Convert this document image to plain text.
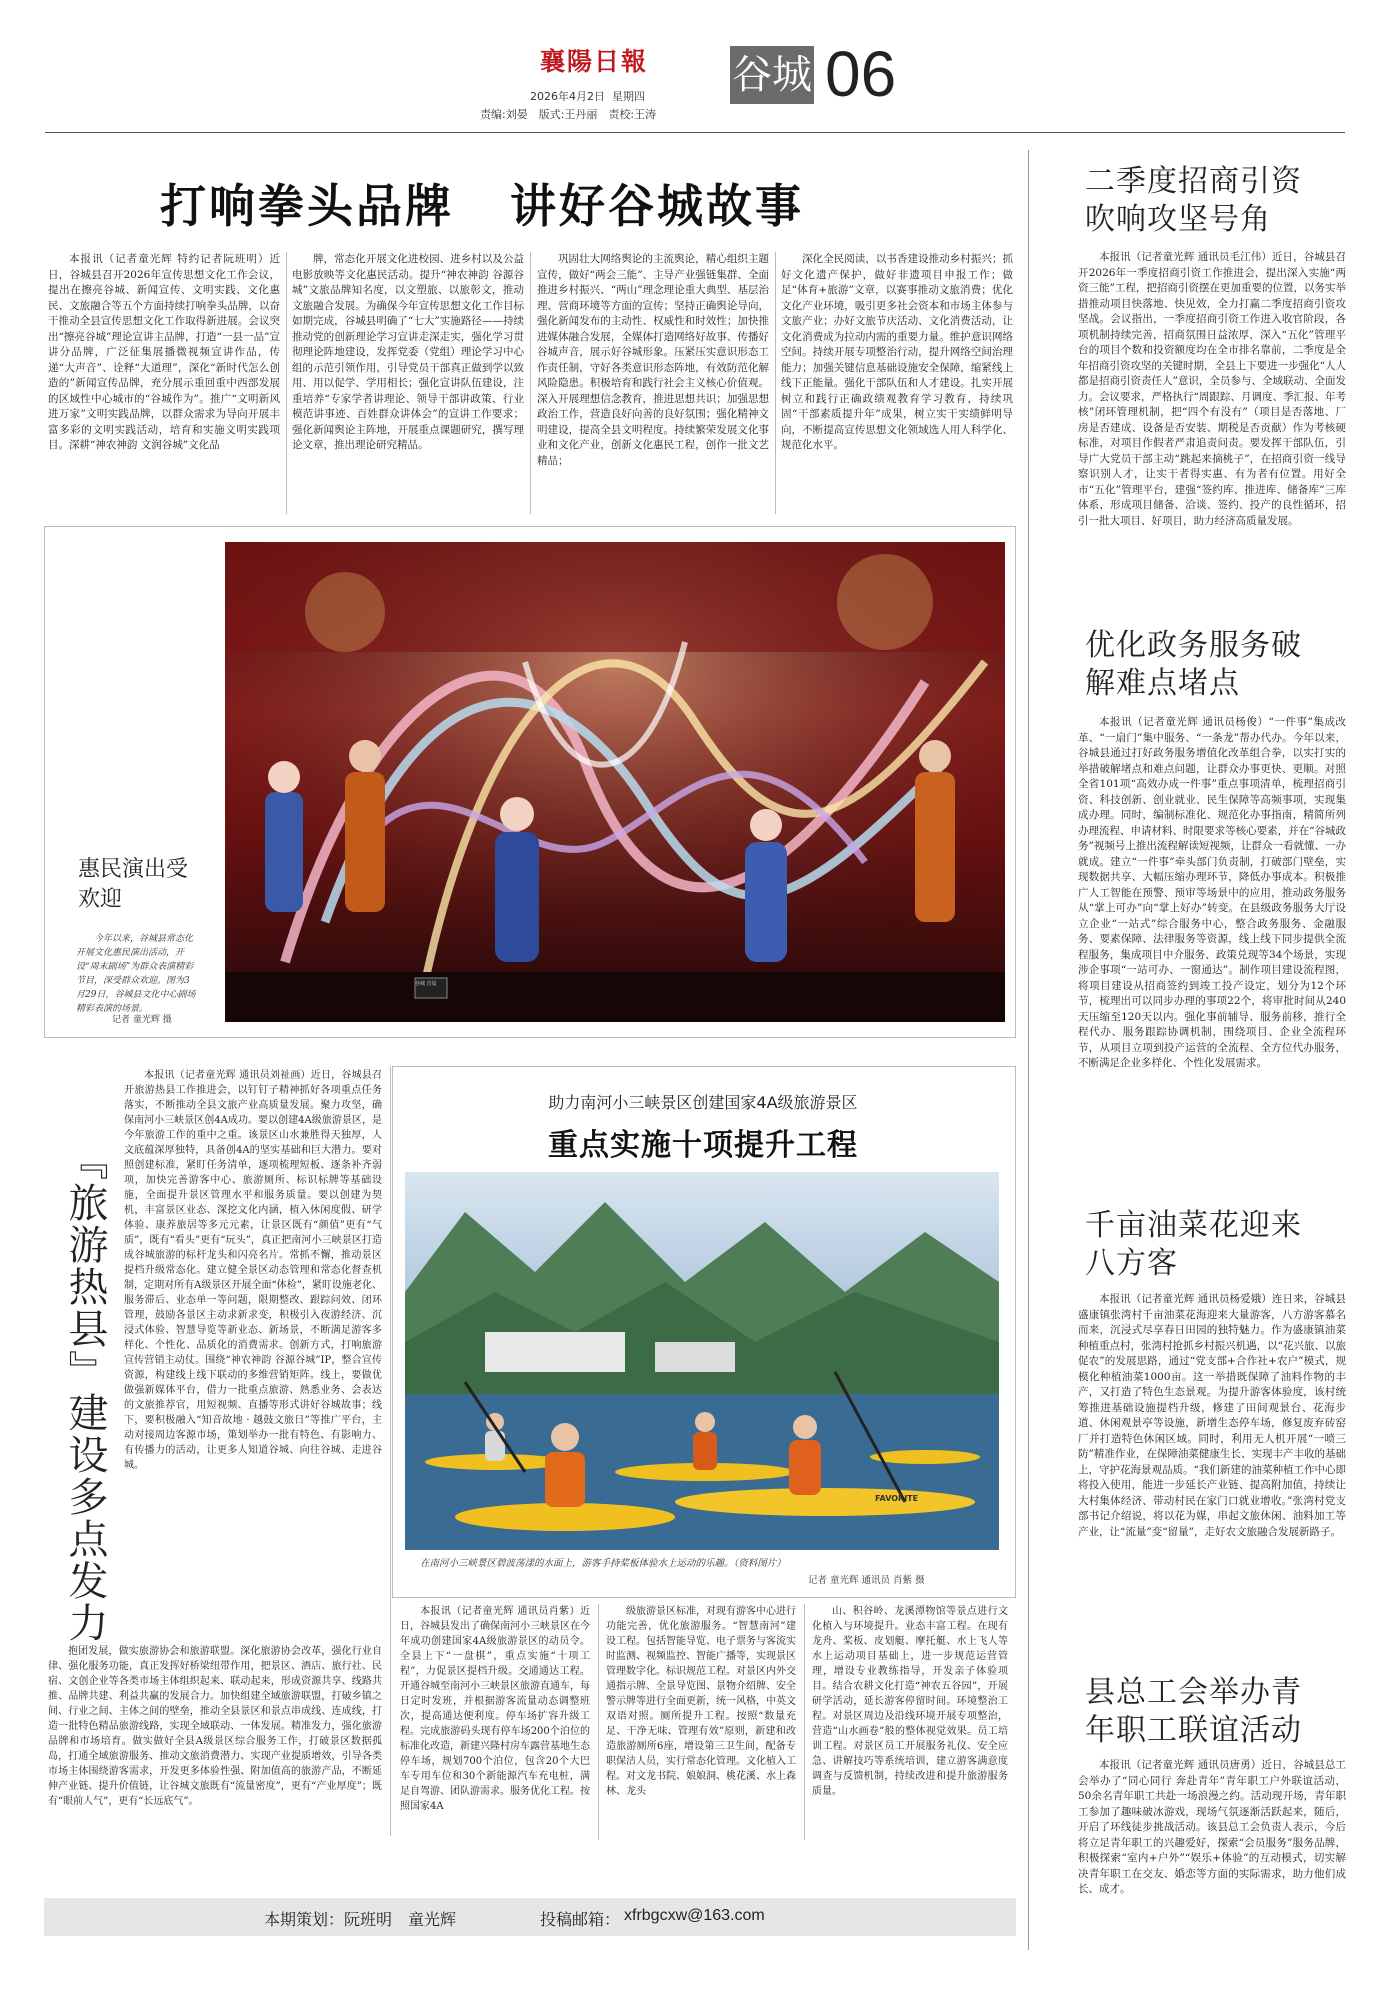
襄陽日報
2026年4月2日 星期四
责编:刘晏　版式:王丹丽　责校:王涛
谷城 06
打响拳头品牌 讲好谷城故事
本报讯（记者童光辉 特约记者阮班明）近日，谷城县召开2026年宣传思想文化工作会议，提出在擦亮谷城、新闻宣传、文明实践、文化惠民、文旅融合等五个方面持续打响拳头品牌，以奋干推动全县宣传思想文化工作取得新进展。会议突出“擦亮谷城”理论宣讲主品牌，打造“一县一品”宣讲分品牌，广泛征集展播微视频宣讲作品，传递“大声音”、诠释“大道理”，深化“新时代怎么创造的”新闻宣传品牌，充分展示重回重中西部发展的区域性中心城市的“谷城作为”。推广“文明新风进万家”文明实践品牌，以群众需求为导向开展丰富多彩的文明实践活动，培育和实施文明实践项目。深耕“神农神韵 文润谷城”文化品
牌，常态化开展文化进校园、进乡村以及公益电影放映等文化惠民活动。提升“神农神韵 谷源谷城”文旅品牌知名度，以文塑旅、以旅彰文，推动文旅融合发展。为确保今年宣传思想文化工作目标如期完成，谷城县明确了“七大”实施路径——持续推动党的创新理论学习宣讲走深走实，强化学习贯彻理论阵地建设，发挥党委（党组）理论学习中心组的示范引领作用，引导党员干部真正做到学以致用、用以促学、学用相长；强化宣讲队伍建设，注重培养“专家学者讲理论、领导干部讲政策、行业模范讲事迹、百姓群众讲体会”的宣讲工作要求；强化新闻舆论主阵地，开展重点课题研究，撰写理论文章，推出理论研究精品。
巩固壮大网络舆论的主流舆论，精心组织主题宣传，做好“两会三能”、主导产业强链集群、全面推进乡村振兴、“两山”理念理论重大典型、基层治理、营商环境等方面的宣传；坚持正确舆论导向，强化新闻发布的主动性、权威性和时效性；加快推进媒体融合发展，全媒体打造网络好故事、传播好谷城声音，展示好谷城形象。压紧压实意识形态工作责任制，守好各类意识形态阵地，有效防范化解风险隐患。积极培育和践行社会主义核心价值观。深入开展理想信念教育，推进思想共识；加强思想政治工作，营造良好向善的良好氛围；强化精神文明建设，提高全县文明程度。持续繁荣发展文化事业和文化产业，创新文化惠民工程，创作一批文艺精品；
深化全民阅读，以书香建设推动乡村振兴；抓好文化遗产保护，做好非遗项目申报工作；做足“体育+旅游”文章，以赛事推动文旅消费；优化文化产业环境，吸引更多社会资本和市场主体参与文旅产业；办好文旅节庆活动、文化消费活动，让文化消费成为拉动内需的重要力量。维护意识网络空间。持续开展专项整治行动，提升网络空间治理能力；加强关键信息基础设施安全保障，缩紧线上线下正能量。强化干部队伍和人才建设。扎实开展树立和践行正确政绩观教育学习教育，持续巩固“干部素质提升年”成果，树立实干实绩鲜明导向，不断提高宣传思想文化领域选人用人科学化、规范化水平。
谷城 首届
惠民演出受欢迎
今年以来，谷城县常态化开展文化惠民演出活动，开设“周末剧场”为群众表演精彩节目，深受群众欢迎。图为3月29日，谷城县文化中心剧场精彩表演的场景。
记者 童光辉 摄
『旅游热县』建设多点发力
本报讯（记者童光辉 通讯员刘祉画）近日，谷城县召开旅游热县工作推进会，以钉钉子精神抓好各项重点任务落实，不断推动全县文旅产业高质量发展。聚力攻坚，确保南河小三峡景区创4A成功。要以创建4A级旅游景区，是今年旅游工作的重中之重。该景区山水兼胜得天独厚，人文底蕴深厚独特，具备创4A的坚实基础和巨大潜力。要对照创建标准，紧盯任务清单，逐项梳理短板、逐条补齐弱项，加快完善游客中心、旅游厕所、标识标牌等基础设施，全面提升景区管理水平和服务质量。要以创建为契机，丰富景区业态、深挖文化内涵，植入休闲度假、研学体验、康养旅居等多元元素，让景区既有“颜值”更有“气质”，既有“看头”更有“玩头”，真正把南河小三峡景区打造成谷城旅游的标杆龙头和闪亮名片。常抓不懈，推动景区提档升级常态化。建立健全景区动态管理和常态化督查机制，定期对所有A级景区开展全面“体检”，紧盯设施老化、服务滞后、业态单一等问题，限期整改、跟踪问效、闭环管理，鼓励各景区主动求新求变，积极引入夜游经济、沉浸式体验、智慧导览等新业态、新场景，不断满足游客多样化、个性化、品质化的消费需求。创新方式，打响旅游宣传营销主动仗。围绕“神农神韵 谷源谷城”IP，整合宣传资源，构建线上线下联动的多维营销矩阵。线上，要做优做强新媒体平台，借力一批重点旅游、熟悉业务、会表达的文旅推荐官，用短视频、直播等形式讲好谷城故事；线下，要积极融入“知音故地 · 越鼓文旅日”等推广平台，主动对接周边客源市场，策划举办一批有特色、有影响力、有传播力的活动，让更多人知道谷城、向往谷城、走进谷城。
抱团发展，做实旅游协会和旅游联盟。深化旅游协会改革，强化行业自律、强化服务功能，真正发挥好桥梁纽带作用，把景区、酒店、旅行社、民宿、文创企业等各类市场主体组织起来、联动起来，形成资源共享、线路共推、品牌共建、利益共赢的发展合力。加快组建全域旅游联盟，打破乡镇之间、行业之间、主体之间的壁垒，推动全县景区和景点串成线、连成线，打造一批特色精品旅游线路，实现全域联动、一体发展。精准发力，强化旅游品牌和市场培育。做实做好全县A级景区综合服务工作，打破景区数据孤岛，打通全域旅游服务、推动文旅消费潜力、实现产业提质增效，引导各类市场主体围绕游客需求，开发更多体验性强、附加值高的旅游产品，不断延伸产业链、提升价值链，让谷城文旅既有“流量密度”，更有“产业厚度”；既有“眼前人气”，更有“长远底气”。
助力南河小三峡景区创建国家4A级旅游景区
重点实施十项提升工程
FAVORITE
在南河小三峡景区碧波荡漾的水面上，游客手持桨板体验水上运动的乐趣。（资料图片）
记者 童光辉 通讯员 肖紫 摄
本报讯（记者童光辉 通讯员肖紫）近日，谷城县发出了确保南河小三峡景区在今年成功创建国家4A级旅游景区的动员令。全县上下“一盘棋”，重点实施“十项工程”，力促景区提档升级。交通通达工程。开通谷城至南河小三峡景区旅游直通车，每日定时发班，并根据游客流量动态调整班次，提高通达便利度。停车场扩容升级工程。完成旅游码头现有停车场200个泊位的标准化改造，新建兴隆村房车露营基地生态停车场，规划700个泊位，包含20个大巴车专用车位和30个新能源汽车充电桩，满足自驾游、团队游需求。服务优化工程。按照国家4A
级旅游景区标准，对现有游客中心进行功能完善，优化旅游服务。“智慧南河”建设工程。包括智能导览、电子票务与客流实时监测、视频监控、智能广播等，实现景区管理数字化。标识规范工程。对景区内外交通指示牌、全景导览图、景物介绍牌、安全警示牌等进行全面更新，统一风格，中英文双语对照。厕所提升工程。按照“数量充足、干净无味、管理有效”原则，新建和改造旅游厕所6座，增设第三卫生间，配备专职保洁人员，实行常态化管理。文化植入工程。对文龙书院、娘娘洞、桃花溪、水上森林、龙头
山、积谷岭、龙溪潭物馆等景点进行文化植入与环境提升。业态丰富工程。在现有龙舟、桨板、皮划艇、摩托艇、水上飞人等水上运动项目基础上，进一步规范运营管理，增设专业教练指导，开发亲子体验项目。结合农耕文化打造“神农五谷园”，开展研学活动，延长游客停留时间。环境整治工程。对景区周边及沿线环境开展专项整治，营造“山水画卷”般的整体视觉效果。员工培训工程。对景区员工开展服务礼仪、安全应急、讲解技巧等系统培训，建立游客满意度调查与反馈机制，持续改进和提升旅游服务质量。
二季度招商引资吹响攻坚号角
本报讯（记者童光辉 通讯员毛江伟）近日，谷城县召开2026年一季度招商引资工作推进会，提出深入实施“两资三能”工程，把招商引资摆在更加重要的位置，以务实举措推动项目快落地、快见效，全力打赢二季度招商引资攻坚战。会议指出，一季度招商引资工作进入收官阶段，各项机制持续完善，招商氛围日益浓厚，深入“五化”管理平台的项目个数和投资额度均在全市排名靠前，二季度是全年招商引资攻坚的关键时期，全县上下要进一步强化“人人都是招商引资责任人”意识，全员参与、全域联动、全面发力。会议要求，严格执行“周跟踪、月调度、季汇报、年考核”闭环管理机制，把“四个有没有”（项目是否落地、厂房是否建成、设备是否安装、期税是否贡献）作为考核硬标准，对项目作假者严肃追责问责。要发挥干部队伍，引导广大党员干部主动“跳起来摘桃子”，在招商引资一线导察识别人才，让实干者得实惠、有为者有位置。用好全市“五化”管理平台，建强“签约库、推进库、储备库”三库体系，形成项目储备、洽谈、签约、投产的良性循环，招引一批大项目、好项目，助力经济高质量发展。
优化政务服务破解难点堵点
本报讯（记者童光辉 通讯员杨俊）“一件事”集成改革、“一扇门”集中服务、“一条龙”帮办代办。今年以来，谷城县通过打好政务服务增值化改革组合拳，以实打实的举措破解堵点和难点问题，让群众办事更快、更顺。对照全省101项“高效办成一件事”重点事项清单，梳理招商引资、科技创新、创业就业、民生保障等高频事项，实现集成办理。同时，编制标准化、规范化办事指南，精简所列办理流程、申请材料、时限要求等核心要素，并在“谷城政务”视频号上推出流程解读短视频，让群众一看就懂、一办就成。建立“一件事”牵头部门负责制，打破部门壁垒，实现数据共享、大幅压缩办理环节，降低办事成本。积极推广人工智能在预警、预审等场景中的应用，推动政务服务从“掌上可办”向“掌上好办”转变。在县级政务服务大厅设立企业“一站式”综合服务中心，整合政务服务、金融服务、要素保障、法律服务等资源，线上线下同步提供全流程服务，集成项目中介服务、政策兑现等34个场景，实现涉企事项“一站可办、一窗通达”。制作项目建设流程图，将项目建设从招商签约到竣工投产设定，划分为12个环节，梳理出可以同步办理的事项22个，将审批时间从240天压缩至120天以内。强化事前辅导、服务前移，推行全程代办、服务跟踪协调机制，围绕项目、企业全流程环节，从项目立项到投产运营的全流程、全方位代办服务，不断满足企业多样化、个性化发展需求。
千亩油菜花迎来八方客
本报讯（记者童光辉 通讯员杨爱娥）连日来，谷城县盛康镇张湾村千亩油菜花海迎来大量游客，八方游客慕名而来，沉浸式尽享春日田园的独特魅力。作为盛康镇油菜种植重点村，张湾村抢抓乡村振兴机遇，以“花兴旅、以旅促农”的发展思路，通过“党支部+合作社+农户”模式，规模化种植油菜1000亩。这一举措既保障了油料作物的丰产，又打造了特色生态景观。为提升游客体验度，该村统筹推进基础设施提档升级，修建了田间观景台、花海步道、休闲观景亭等设施，新增生态停车场，修复废弃砖窑厂并打造特色休闲区域。同时，利用无人机开展“一喷三防”精准作业，在保障油菜健康生长、实现丰产丰收的基础上，守护花海景观品质。“我们新建的油菜种植工作中心即将投入使用，能进一步延长产业链、提高附加值，持续让大村集体经济、带动村民在家门口就业增收。”张湾村党支部书记介绍说，将以花为媒，串起文旅休闲、油料加工等产业，让“流量”变“留量”，走好农文旅融合发展新路子。
县总工会举办青年职工联谊活动
本报讯（记者童光辉 通讯员唐勇）近日，谷城县总工会举办了“同心同行 奔赴青年”青年职工户外联谊活动，50余名青年职工共赴一场浪漫之约。活动现开场，青年职工参加了趣味破冰游戏，现场气氛逐渐活跃起来，随后，开启了环线徒步挑战活动。该县总工会负责人表示，今后将立足青年职工的兴趣爱好，探索“会员服务”服务品牌，积极探索“室内+户外”“娱乐+体验”的互动模式，切实解决青年职工在交友、婚恋等方面的实际需求，助力他们成长、成才。
本期策划：阮班明　童光辉	投稿邮箱： xfrbgcxw@163.com
